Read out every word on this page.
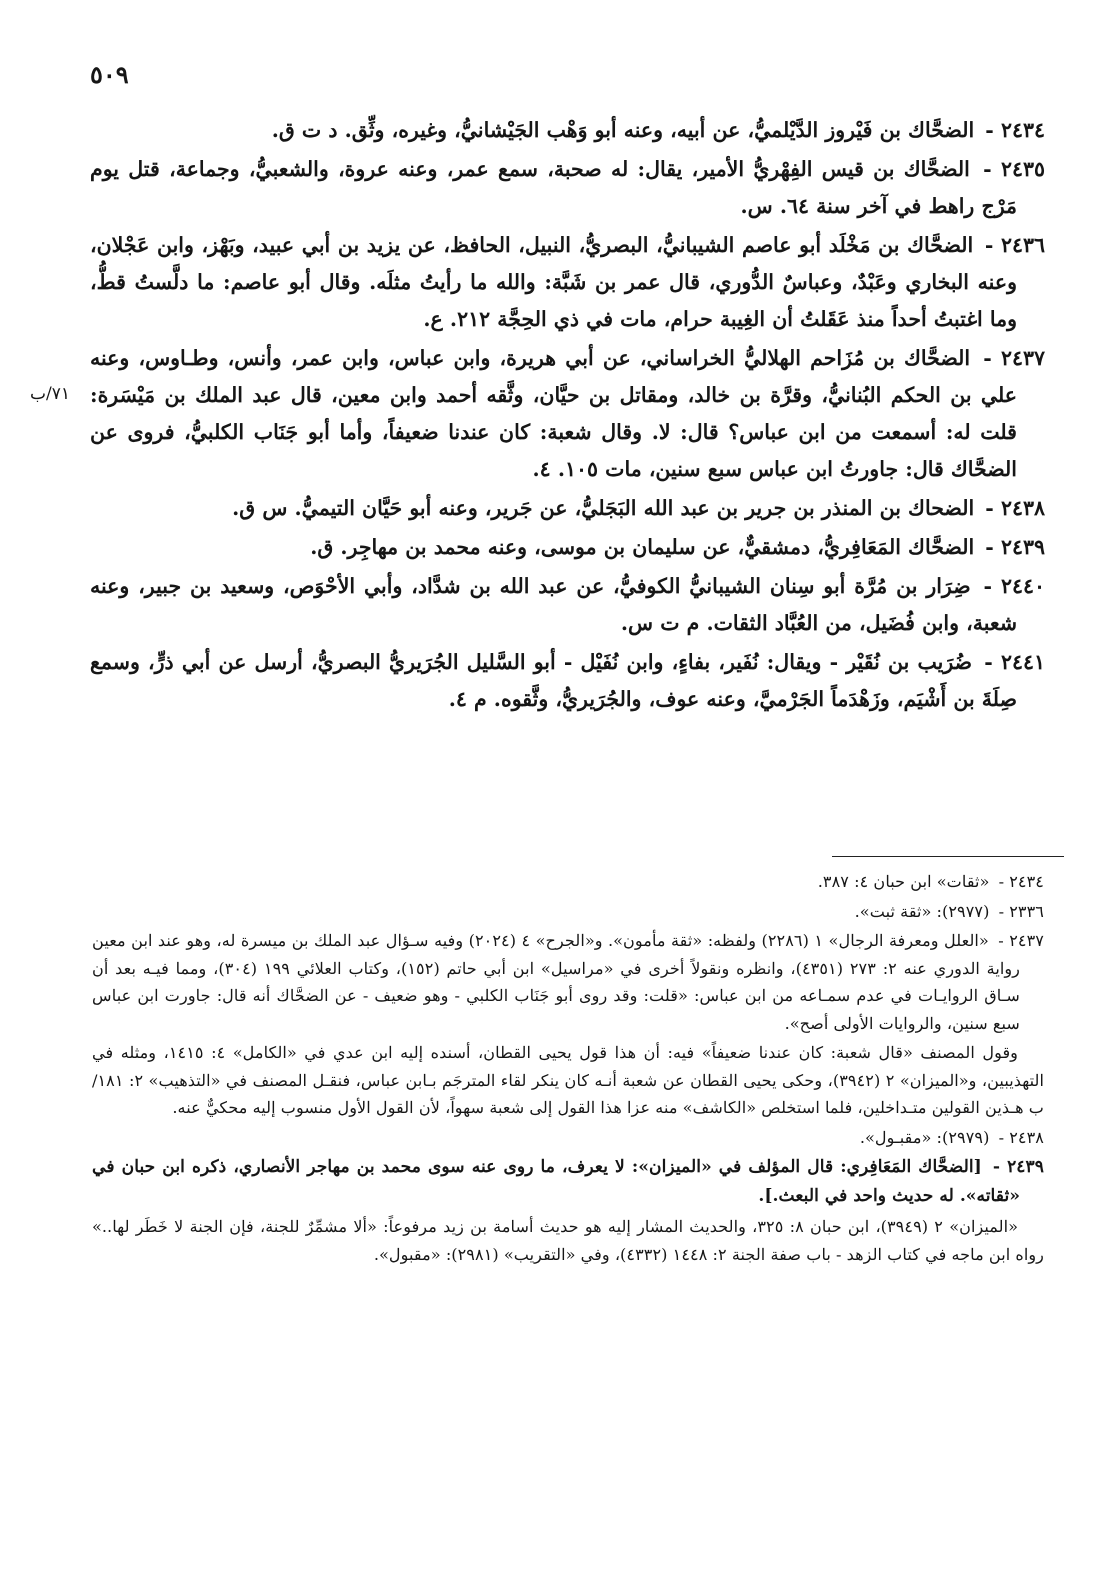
٥٠٩
٧١/ب

٢٤٣٤ - الضحَّاك بن فَيْروز الدَّيْلميُّ، عن أبيه، وعنه أبو وَهْب الجَيْشانيُّ، وغيره، وثِّق. د ت ق.

٢٤٣٥ - الضحَّاك بن قيس الفِهْريُّ الأمير، يقال: له صحبة، سمع عمر، وعنه عروة، والشعبيُّ، وجماعة، قتل يوم مَرْج راهط في آخر سنة ٦٤. س.

٢٤٣٦ - الضحَّاك بن مَخْلَد أبو عاصم الشيبانيُّ، البصريُّ، النبيل، الحافظ، عن يزيد بن أبي عبيد، وبَهْز، وابن عَجْلان، وعنه البخاري وعَبْدٌ، وعباسٌ الدُّوري، قال عمر بن شَبَّة: والله ما رأيتُ مثلَه. وقال أبو عاصم: ما دلَّستُ قطُّ، وما اغتبتُ أحداً منذ عَقَلتُ أن الغِيبة حرام، مات في ذي الحِجَّة ٢١٢. ع.

٢٤٣٧ - الضحَّاك بن مُزَاحم الهلاليُّ الخراساني، عن أبي هريرة، وابن عباس، وابن عمر، وأنس، وطـاوس، وعنه علي بن الحكم البُنانيُّ، وقرَّة بن خالد، ومقاتل بن حيَّان، وثَّقه أحمد وابن معين، قال عبد الملك بن مَيْسَرة: قلت له: أسمعت من ابن عباس؟ قال: لا. وقال شعبة: كان عندنا ضعيفاً، وأما أبو جَنَاب الكلبيُّ، فروى عن الضحَّاك قال: جاورتُ ابن عباس سبع سنين، مات ١٠٥. ٤.

٢٤٣٨ - الضحاك بن المنذر بن جرير بن عبد الله البَجَليُّ، عن جَرير، وعنه أبو حَيَّان التيميُّ. س ق.

٢٤٣٩ - الضحَّاك المَعَافِريُّ، دمشقيٌّ، عن سليمان بن موسى، وعنه محمد بن مهاجِر. ق.

٢٤٤٠ - ضِرَار بن مُرَّة أبو سِنان الشيبانيُّ الكوفيُّ، عن عبد الله بن شدَّاد، وأبي الأحْوَص، وسعيد بن جبير، وعنه شعبة، وابن فُضَيل، من العُبَّاد الثقات. م ت س.

٢٤٤١ - ضُرَيب بن نُقَيْر - ويقال: نُفَير، بفاءٍ، وابن نُفَيْل - أبو السَّليل الجُرَيريُّ البصريُّ، أرسل عن أبي ذرٍّ، وسمع صِلَةَ بن أَشْيَم، وزَهْدَماً الجَرْميَّ، وعنه عوف، والجُرَيريُّ، وثَّقوه. م ٤.

٢٤٣٤ - «ثقات» ابن حبان ٤: ٣٨٧.

٢٣٣٦ - (٢٩٧٧): «ثقة ثبت».

٢٤٣٧ - «العلل ومعرفة الرجال» ١ (٢٢٨٦) ولفظه: «ثقة مأمون». و«الجرح» ٤ (٢٠٢٤) وفيه سـؤال عبد الملك بن ميسرة له، وهو عند ابن معين رواية الدوري عنه ٢: ٢٧٣ (٤٣٥١)، وانظره ونقولاً أخرى في «مراسيل» ابن أبي حاتم (١٥٢)، وكتاب العلائي ١٩٩ (٣٠٤)، ومما فيـه بعد أن سـاق الروايـات في عدم سمـاعه من ابن عباس: «قلت: وقد روى أبو جَنَاب الكلبي - وهو ضعيف - عن الضحَّاك أنه قال: جاورت ابن عباس سبع سنين، والروايات الأولى أصح».

وقول المصنف «قال شعبة: كان عندنا ضعيفاً» فيه: أن هذا قول يحيى القطان، أسنده إليه ابن عدي في «الكامل» ٤: ١٤١٥، ومثله في التهذيبين، و«الميزان» ٢ (٣٩٤٢)، وحكى يحيى القطان عن شعبة أنـه كان ينكر لقاء المترجَم بـابن عباس، فنقـل المصنف في «التذهيب» ٢: ١٨١/ ب هـذين القولين متـداخلين، فلما استخلص «الكاشف» منه عزا هذا القول إلى شعبة سهواً، لأن القول الأول منسوب إليه محكيٌّ عنه.

٢٤٣٨ - (٢٩٧٩): «مقبـول».

٢٤٣٩ - [الضحَّاك المَعَافِري: قال المؤلف في «الميزان»: لا يعرف، ما روى عنه سوى محمد بن مهاجر الأنصاري، ذكره ابن حبان في «ثقاته». له حديث واحد في البعث.].

«الميزان» ٢ (٣٩٤٩)، ابن حبان ٨: ٣٢٥، والحديث المشار إليه هو حديث أسامة بن زيد مرفوعاً: «ألا مشمِّرٌ للجنة، فإن الجنة لا خَطَر لها..» رواه ابن ماجه في كتاب الزهد - باب صفة الجنة ٢: ١٤٤٨ (٤٣٣٢)، وفي «التقريب» (٢٩٨١): «مقبول».
